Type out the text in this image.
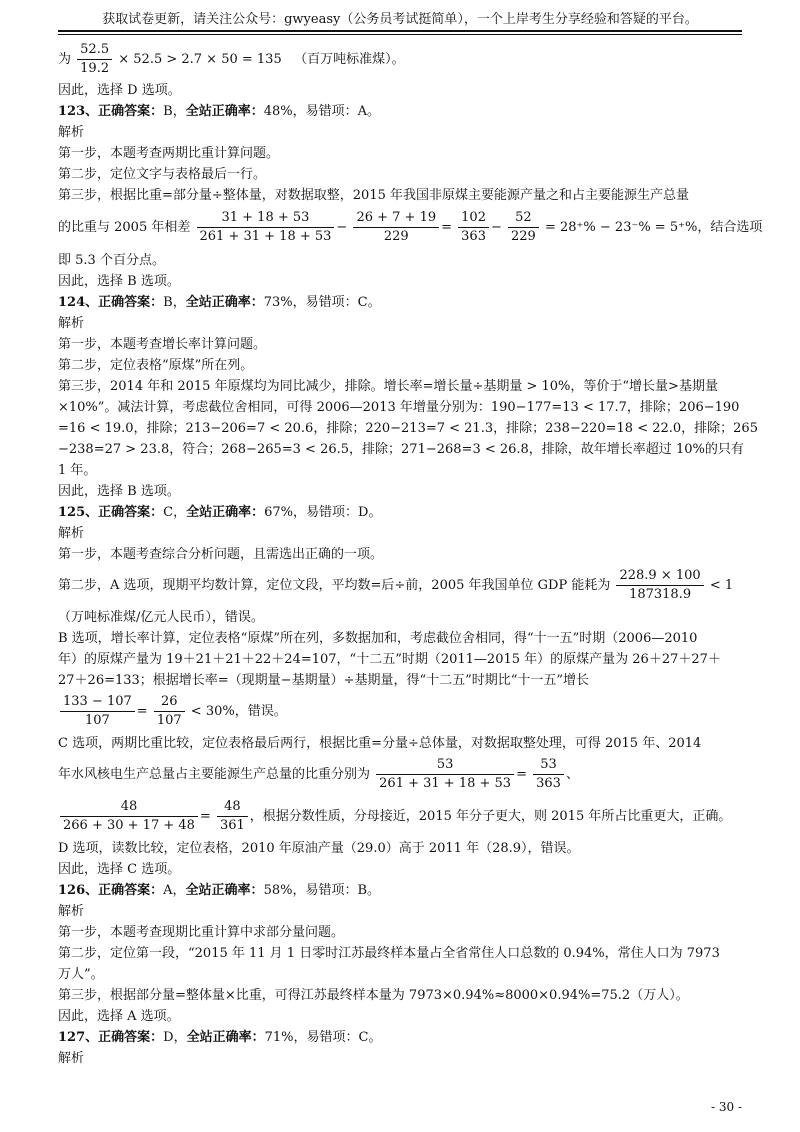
获取试卷更新，请关注公众号：gwyeasy（公务员考试挺简单），一个上岸考生分享经验和答疑的平台。

为 $\frac{52.5}{19.2} \times 52.5 > 2.7 \times 50 = 135$ （百万吨标准煤）。

因此，选择 D 选项。

123、正确答案：B，全站正确率：48%，易错项：A。

解析

第一步，本题考查两期比重计算问题。

第二步，定位文字与表格最后一行。

第三步，根据比重=部分量÷整体量，对数据取整，2015 年我国非原煤主要能源产量之和占主要能源生产总量

的比重与 2005 年相差 $\frac{31 + 18 + 53}{261 + 31 + 18 + 53} - \frac{26 + 7 + 19}{229} = \frac{102}{363} - \frac{52}{229} = 28^+\% - 23^-\% = 5^+\%$，结合选项

即 5.3 个百分点。

因此，选择 B 选项。

124、正确答案：B，全站正确率：73%，易错项：C。

解析

第一步，本题考查增长率计算问题。

第二步，定位表格“原煤”所在列。

第三步，2014 年和 2015 年原煤均为同比减少，排除。增长率=增长量÷基期量 > 10%，等价于“增长量>基期量

×10%”。减法计算，考虑截位舍相同，可得 2006—2013 年增量分别为：190−177=13 < 17.7，排除；206−190

=16 < 19.0，排除；213−206=7 < 20.6，排除；220−213=7 < 21.3，排除；238−220=18 < 22.0，排除；265

−238=27 > 23.8，符合；268−265=3 < 26.5，排除；271−268=3 < 26.8，排除，故年增长率超过 10%的只有

1 年。

因此，选择 B 选项。

125、正确答案：C，全站正确率：67%，易错项：D。

解析

第一步，本题考查综合分析问题，且需选出正确的一项。

第二步，A 选项，现期平均数计算，定位文段，平均数=后÷前，2005 年我国单位 GDP 能耗为 $\frac{228.9 \times 100}{187318.9} < 1$

（万吨标准煤/亿元人民币），错误。

B 选项，增长率计算，定位表格“原煤”所在列，多数据加和，考虑截位舍相同，得“十一五”时期（2006—2010

年）的原煤产量为 19＋21＋21＋22＋24=107，“十二五”时期（2011—2015 年）的原煤产量为 26＋27＋27＋

27＋26=133；根据增长率=（现期量−基期量）÷基期量，得“十二五”时期比“十一五”增长

$\frac{133 - 107}{107} = \frac{26}{107} < 30\%$，错误。

C 选项，两期比重比较，定位表格最后两行，根据比重=分量÷总体量，对数据取整处理，可得 2015 年、2014

年水风核电生产总量占主要能源生产总量的比重分别为 $\frac{53}{261 + 31 + 18 + 53} = \frac{53}{363}$ 、

$\frac{48}{266 + 30 + 17 + 48} = \frac{48}{361}$ ，根据分数性质，分母接近，2015 年分子更大，则 2015 年所占比重更大，正确。

D 选项，读数比较，定位表格，2010 年原油产量（29.0）高于 2011 年（28.9），错误。

因此，选择 C 选项。

126、正确答案：A，全站正确率：58%，易错项：B。

解析

第一步，本题考查现期比重计算中求部分量问题。

第二步，定位第一段，“2015 年 11 月 1 日零时江苏最终样本量占全省常住人口总数的 0.94%，常住人口为 7973

万人”。

第三步，根据部分量=整体量×比重，可得江苏最终样本量为 7973×0.94%≈8000×0.94%=75.2（万人）。

因此，选择 A 选项。

127、正确答案：D，全站正确率：71%，易错项：C。

解析

- 30 -
